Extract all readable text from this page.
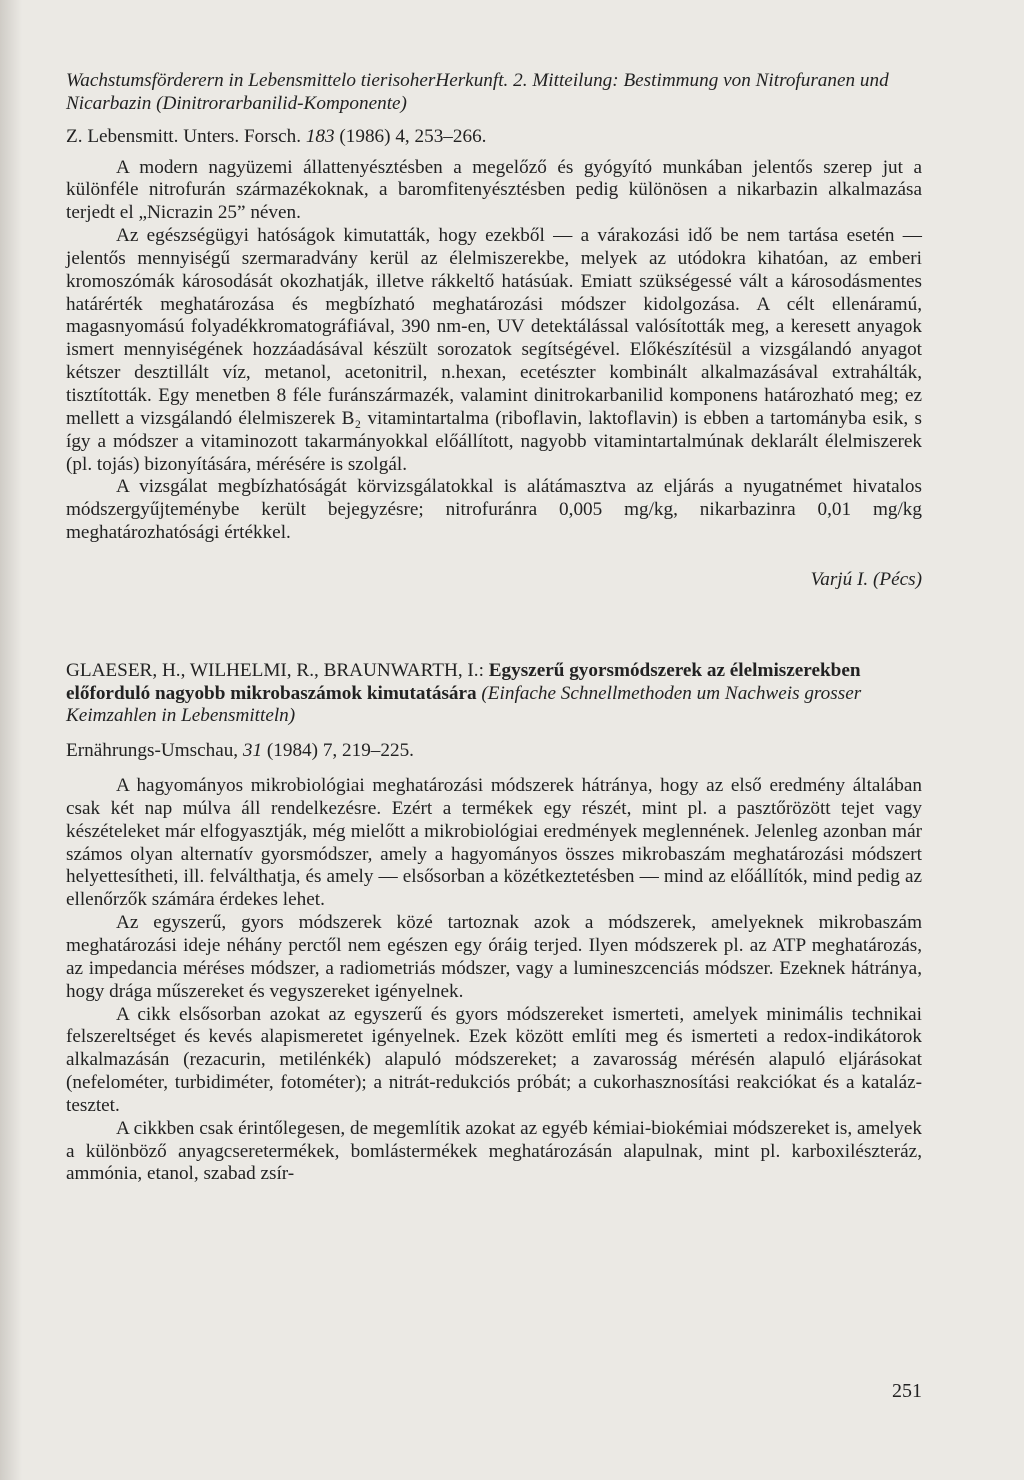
Wachstumsförderern in Lebensmittelo tierisoherHerkunft. 2. Mitteilung: Bestimmung von Nitrofuranen und Nicarbazin (Dinitrorarbanilid-Komponente)
Z. Lebensmitt. Unters. Forsch. 183 (1986) 4, 253–266.

A modern nagyüzemi állattenyésztésben a megelőző és gyógyító munkában jelentős szerep jut a különféle nitrofurán származékoknak, a baromfitenyésztésben pedig különösen a nikarbazin alkalmazása terjedt el „Nicrazin 25” néven.

Az egészségügyi hatóságok kimutatták, hogy ezekből — a várakozási idő be nem tartása esetén — jelentős mennyiségű szermaradvány kerül az élelmiszerekbe, melyek az utódokra kihatóan, az emberi kromoszómák károsodását okozhatják, illetve rákkeltő hatásúak. Emiatt szükségessé vált a károsodásmentes határérték meghatározása és megbízható meghatározási módszer kidolgozása. A célt ellenáramú, magasnyomású folyadékkromatográfiával, 390 nm-en, UV detektálással valósították meg, a keresett anyagok ismert mennyiségének hozzáadásával készült sorozatok segítségével. Előkészítésül a vizsgálandó anyagot kétszer desztillált víz, metanol, acetonitril, n.hexan, ecetészter kombinált alkalmazásával extrahálták, tisztították. Egy menetben 8 féle furánszármazék, valamint dinitrokarbanilid komponens határozható meg; ez mellett a vizsgálandó élelmiszerek B₂ vitamintartalma (riboflavin, laktoflavin) is ebben a tartományba esik, s így a módszer a vitaminozott takarmányokkal előállított, nagyobb vitamintartalmúnak deklarált élelmiszerek (pl. tojás) bizonyítására, mérésére is szolgál.

A vizsgálat megbízhatóságát körvizsgálatokkal is alátámasztva az eljárás a nyugatnémet hivatalos módszergyűjteménybe került bejegyzésre; nitrofuránra 0,005 mg/kg, nikarbazinra 0,01 mg/kg meghatározhatósági értékkel.

Varjú I. (Pécs)
GLAESER, H., WILHELMI, R., BRAUNWARTH, I.: Egyszerű gyorsmódszerek az élelmiszerekben előforduló nagyobb mikrobaszámok kimutatására (Einfache Schnellmethoden um Nachweis grosser Keimzahlen in Lebensmitteln)
Ernährungs-Umschau, 31 (1984) 7, 219–225.

A hagyományos mikrobiológiai meghatározási módszerek hátránya, hogy az első eredmény általában csak két nap múlva áll rendelkezésre. Ezért a termékek egy részét, mint pl. a pasztőrözött tejet vagy készételeket már elfogyasztják, még mielőtt a mikrobiológiai eredmények meglennének. Jelenleg azonban már számos olyan alternatív gyorsmódszer, amely a hagyományos összes mikrobaszám meghatározási módszert helyettesítheti, ill. felválthatja, és amely — elsősorban a közétkeztetésben — mind az előállítók, mind pedig az ellenőrzők számára érdekes lehet.

Az egyszerű, gyors módszerek közé tartoznak azok a módszerek, amelyeknek mikrobaszám meghatározási ideje néhány perctől nem egészen egy óráig terjed. Ilyen módszerek pl. az ATP meghatározás, az impedancia méréses módszer, a radiometriás módszer, vagy a lumineszcenciás módszer. Ezeknek hátránya, hogy drága műszereket és vegyszereket igényelnek.

A cikk elsősorban azokat az egyszerű és gyors módszereket ismerteti, amelyek minimális technikai felszereltséget és kevés alapismeretet igényelnek. Ezek között említi meg és ismerteti a redox-indikátorok alkalmazásán (rezacurin, metilénkék) alapuló módszereket; a zavarosság mérésén alapuló eljárásokat (nefelométer, turbidiméter, fotométer); a nitrát-redukciós próbát; a cukorhasznosítási reakciókat és a kataláz-tesztet.

A cikkben csak érintőlegesen, de megemlítik azokat az egyéb kémiai-biokémiai módszereket is, amelyek a különböző anyagcseretermékek, bomlástermékek meghatározásán alapulnak, mint pl. karboxilészteráz, ammónia, etanol, szabad zsír-

251
